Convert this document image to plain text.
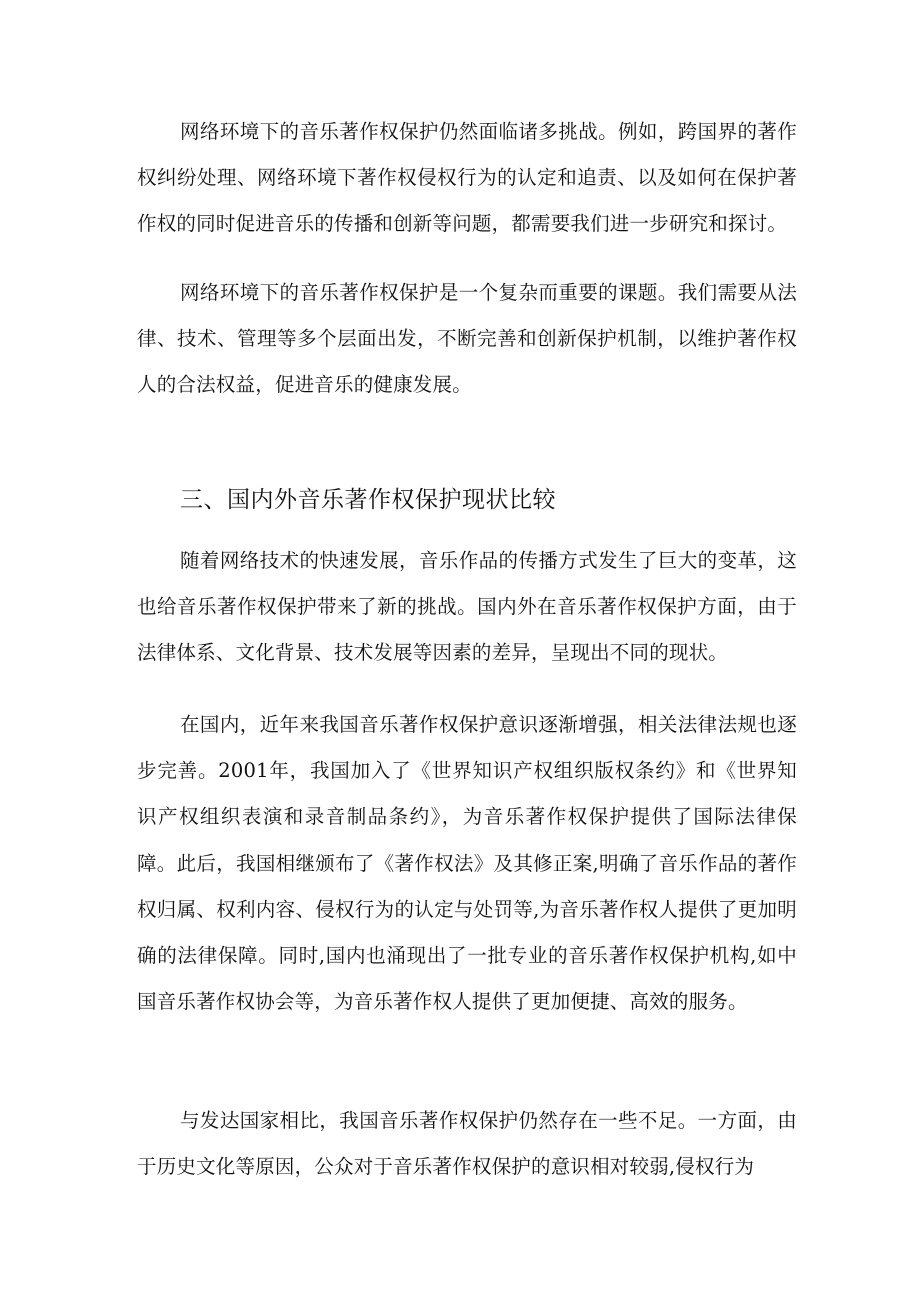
网络环境下的音乐著作权保护仍然面临诸多挑战。例如，跨国界的著作权纠纷处理、网络环境下著作权侵权行为的认定和追责、以及如何在保护著作权的同时促进音乐的传播和创新等问题，都需要我们进一步研究和探讨。

网络环境下的音乐著作权保护是一个复杂而重要的课题。我们需要从法律、技术、管理等多个层面出发，不断完善和创新保护机制，以维护著作权人的合法权益，促进音乐的健康发展。

三、国内外音乐著作权保护现状比较

随着网络技术的快速发展，音乐作品的传播方式发生了巨大的变革，这也给音乐著作权保护带来了新的挑战。国内外在音乐著作权保护方面，由于法律体系、文化背景、技术发展等因素的差异，呈现出不同的现状。

在国内，近年来我国音乐著作权保护意识逐渐增强，相关法律法规也逐步完善。2001年，我国加入了《世界知识产权组织版权条约》和《世界知识产权组织表演和录音制品条约》，为音乐著作权保护提供了国际法律保障。此后，我国相继颁布了《著作权法》及其修正案,明确了音乐作品的著作权归属、权利内容、侵权行为的认定与处罚等,为音乐著作权人提供了更加明确的法律保障。同时,国内也涌现出了一批专业的音乐著作权保护机构,如中国音乐著作权协会等，为音乐著作权人提供了更加便捷、高效的服务。

与发达国家相比，我国音乐著作权保护仍然存在一些不足。一方面，由于历史文化等原因，公众对于音乐著作权保护的意识相对较弱,侵权行为
